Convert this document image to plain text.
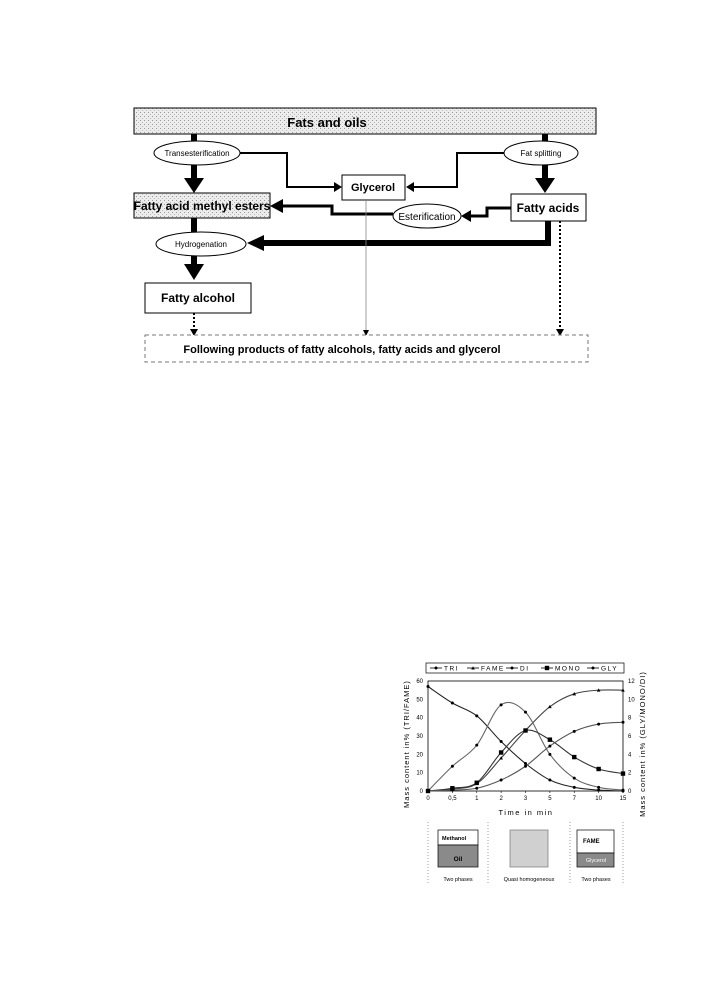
Fats and oils
Transesterification	Fat splitting
Glycerol
Fatty acid methyl esters	Fatty acids
Esterification
Hydrogenation
Fatty alcohol
Following products of fatty alcohols, fatty acids and glycerol
TRI	FAME DI	MONO	GLY
0	0,5	1	2	3	5	7	10	15
0
10
20
30
40
50
60
0
2
4
6
8
10
12
Mass content in% (TRI/FAME)	Mass content in% (GLY/MONO/DI)
Time in min
Methanol
Oil
Two phases	Quasi homogeneous
FAME
Glycerol
Two phases
